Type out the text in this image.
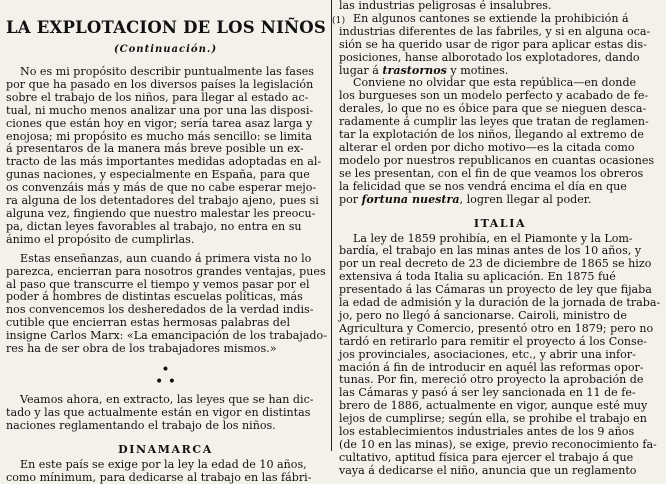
LA EXPLOTACION DE LOS NIÑOS $^{(1)}$
(Continuación.)
No es mi propósito describir puntualmente las fases
por que ha pasado en los diversos países la legislación
sobre el trabajo de los niños, para llegar al estado ac-
tual, ni mucho menos analizar una por una las disposi-
ciones que están hoy en vigor; sería tarea asaz larga y
enojosa; mi propósito es mucho más sencillo: se limita
á presentaros de la manera más breve posible un ex-
tracto de las más importantes medidas adoptadas en al-
gunas naciones, y especialmente en España, para que
os convenzáis más y más de que no cabe esperar mejo-
ra alguna de los detentadores del trabajo ajeno, pues si
alguna vez, fingiendo que nuestro malestar les preocu-
pa, dictan leyes favorables al trabajo, no entra en su
ánimo el propósito de cumplirlas.
Estas enseñanzas, aun cuando á primera vista no lo
parezca, encierran para nosotros grandes ventajas, pues
al paso que transcurre el tiempo y vemos pasar por el
poder á hombres de distintas escuelas políticas, más
nos convencemos los desheredados de la verdad indis-
cutible que encierran estas hermosas palabras del
insigne Carlos Marx: «La emancipación de los trabajado-
res ha de ser obra de los trabajadores mismos.»
•
• •
Veamos ahora, en extracto, las leyes que se han dic-
tado y las que actualmente están en vigor en distintas
naciones reglamentando el trabajo de los niños.
DINAMARCA
En este país se exige por la ley la edad de 10 años,
como mínimum, para dedicarse al trabajo en las fábri-
las industrias peligrosas é insalubres.
En algunos cantones se extiende la prohibición á
industrias diferentes de las fabriles, y si en alguna oca-
sión se ha querido usar de rigor para aplicar estas dis-
posiciones, hanse alborotado los explotadores, dando
lugar á trastornos y motines.
Conviene no olvidar que esta república—en donde
los burgueses son un modelo perfecto y acabado de fe-
derales, lo que no es óbice para que se nieguen desca-
radamente á cumplir las leyes que tratan de reglamen-
tar la explotación de los niños, llegando al extremo de
alterar el orden por dicho motivo—es la citada como
modelo por nuestros republicanos en cuantas ocasiones
se les presentan, con el fin de que veamos los obreros
la felicidad que se nos vendrá encima el día en que
por fortuna nuestra, logren llegar al poder.
ITALIA
La ley de 1859 prohibía, en el Piamonte y la Lom-
bardía, el trabajo en las minas antes de los 10 años, y
por un real decreto de 23 de diciembre de 1865 se hizo
extensiva á toda Italia su aplicación. En 1875 fué
presentado á las Cámaras un proyecto de ley que fijaba
la edad de admisión y la duración de la jornada de traba-
jo, pero no llegó á sancionarse. Cairoli, ministro de
Agricultura y Comercio, presentó otro en 1879; pero no
tardó en retirarlo para remitir el proyecto á los Conse-
jos provinciales, asociaciones, etc., y abrir una infor-
mación á fin de introducir en aquél las reformas opor-
tunas. Por fin, mereció otro proyecto la aprobación de
las Cámaras y pasó á ser ley sancionada en 11 de fe-
brero de 1886, actualmente en vigor, aunque esté muy
lejos de cumplirse; según ella, se prohibe el trabajo en
los establecimientos industriales antes de los 9 años
(de 10 en las minas), se exige, previo reconocimiento fa-
cultativo, aptitud física para ejercer el trabajo á que
vaya á dedicarse el niño, anuncia que un reglamento
